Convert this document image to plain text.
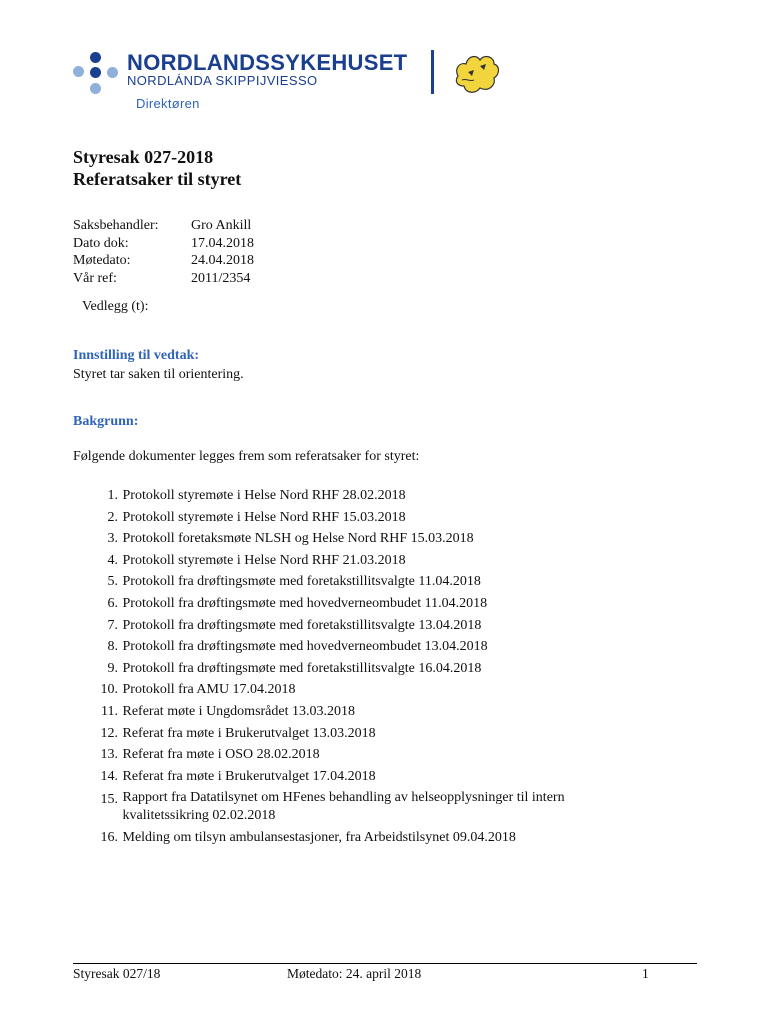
NORDLANDSSYKEHUSET
NORDLÁNDA SKIPPIJVIESSO
Direktøren
Styresak 027-2018
Referatsaker til styret
Saksbehandler:	Gro Ankill
Dato dok:	17.04.2018
Møtedato:	24.04.2018
Vår ref:	2011/2354
Vedlegg (t):
Innstilling til vedtak:
Styret tar saken til orientering.
Bakgrunn:
Følgende dokumenter legges frem som referatsaker for styret:
1.
Protokoll styremøte i Helse Nord RHF 28.02.2018
2.
Protokoll styremøte i Helse Nord RHF 15.03.2018
3.
Protokoll foretaksmøte NLSH og Helse Nord RHF 15.03.2018
4.
Protokoll styremøte i Helse Nord RHF 21.03.2018
5.
Protokoll fra drøftingsmøte med foretakstillitsvalgte 11.04.2018
6.
Protokoll fra drøftingsmøte med hovedverneombudet 11.04.2018
7.
Protokoll fra drøftingsmøte med foretakstillitsvalgte 13.04.2018
8.
Protokoll fra drøftingsmøte med hovedverneombudet 13.04.2018
9.
Protokoll fra drøftingsmøte med foretakstillitsvalgte 16.04.2018
10.
Protokoll fra AMU 17.04.2018
11.
Referat møte i Ungdomsrådet 13.03.2018
12.
Referat fra møte i Brukerutvalget 13.03.2018
13.
Referat fra møte i OSO 28.02.2018
14.
Referat fra møte i Brukerutvalget 17.04.2018
15.
Rapport fra Datatilsynet om HFenes behandling av helseopplysninger til intern
kvalitetssikring 02.02.2018
16.
Melding om tilsyn ambulansestasjoner, fra Arbeidstilsynet 09.04.2018
Styresak 027/18	Møtedato: 24. april 2018	1
